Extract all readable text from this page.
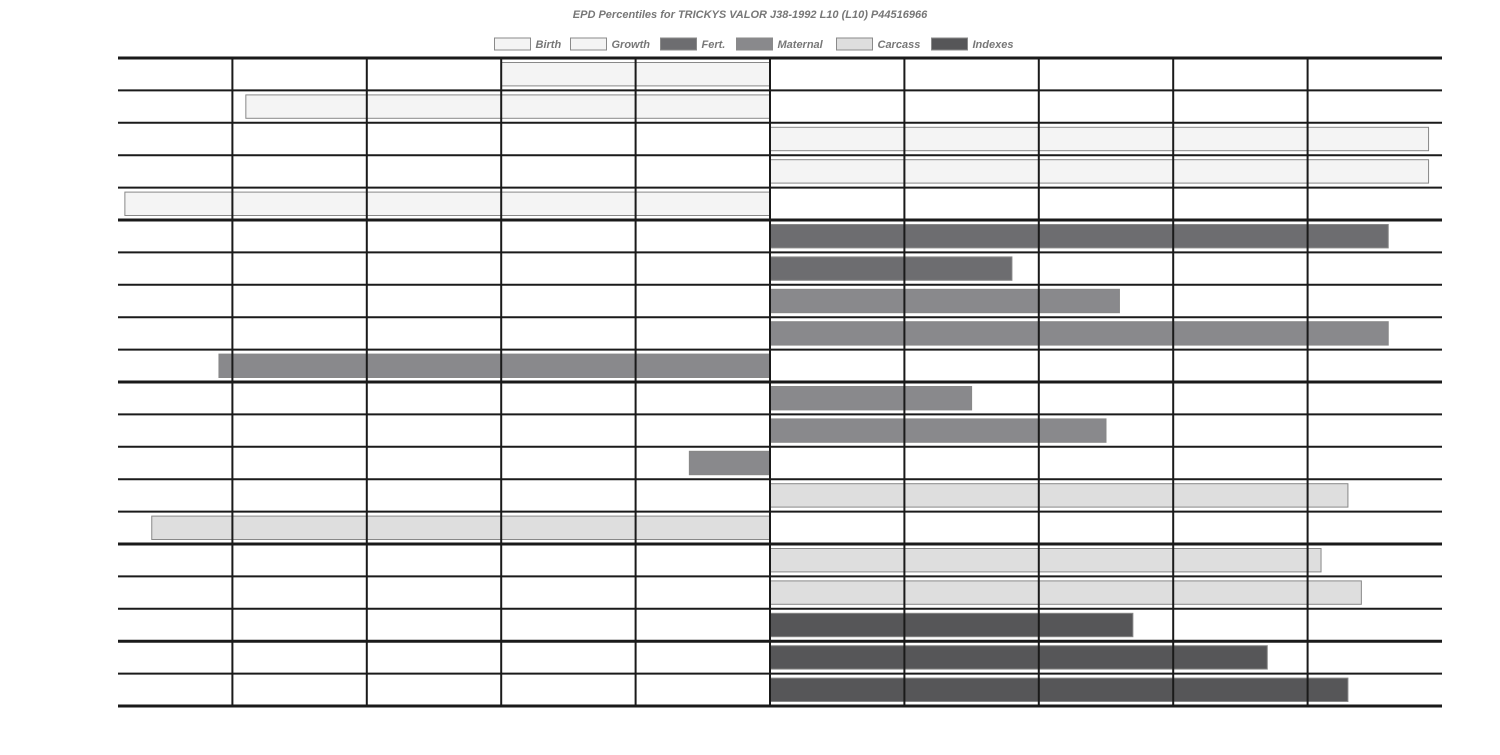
EPD Percentiles for TRICKYS VALOR J38-1992 L10 (L10) P44516966
Birth	Growth	Fert.	Maternal	Carcass	Indexes
